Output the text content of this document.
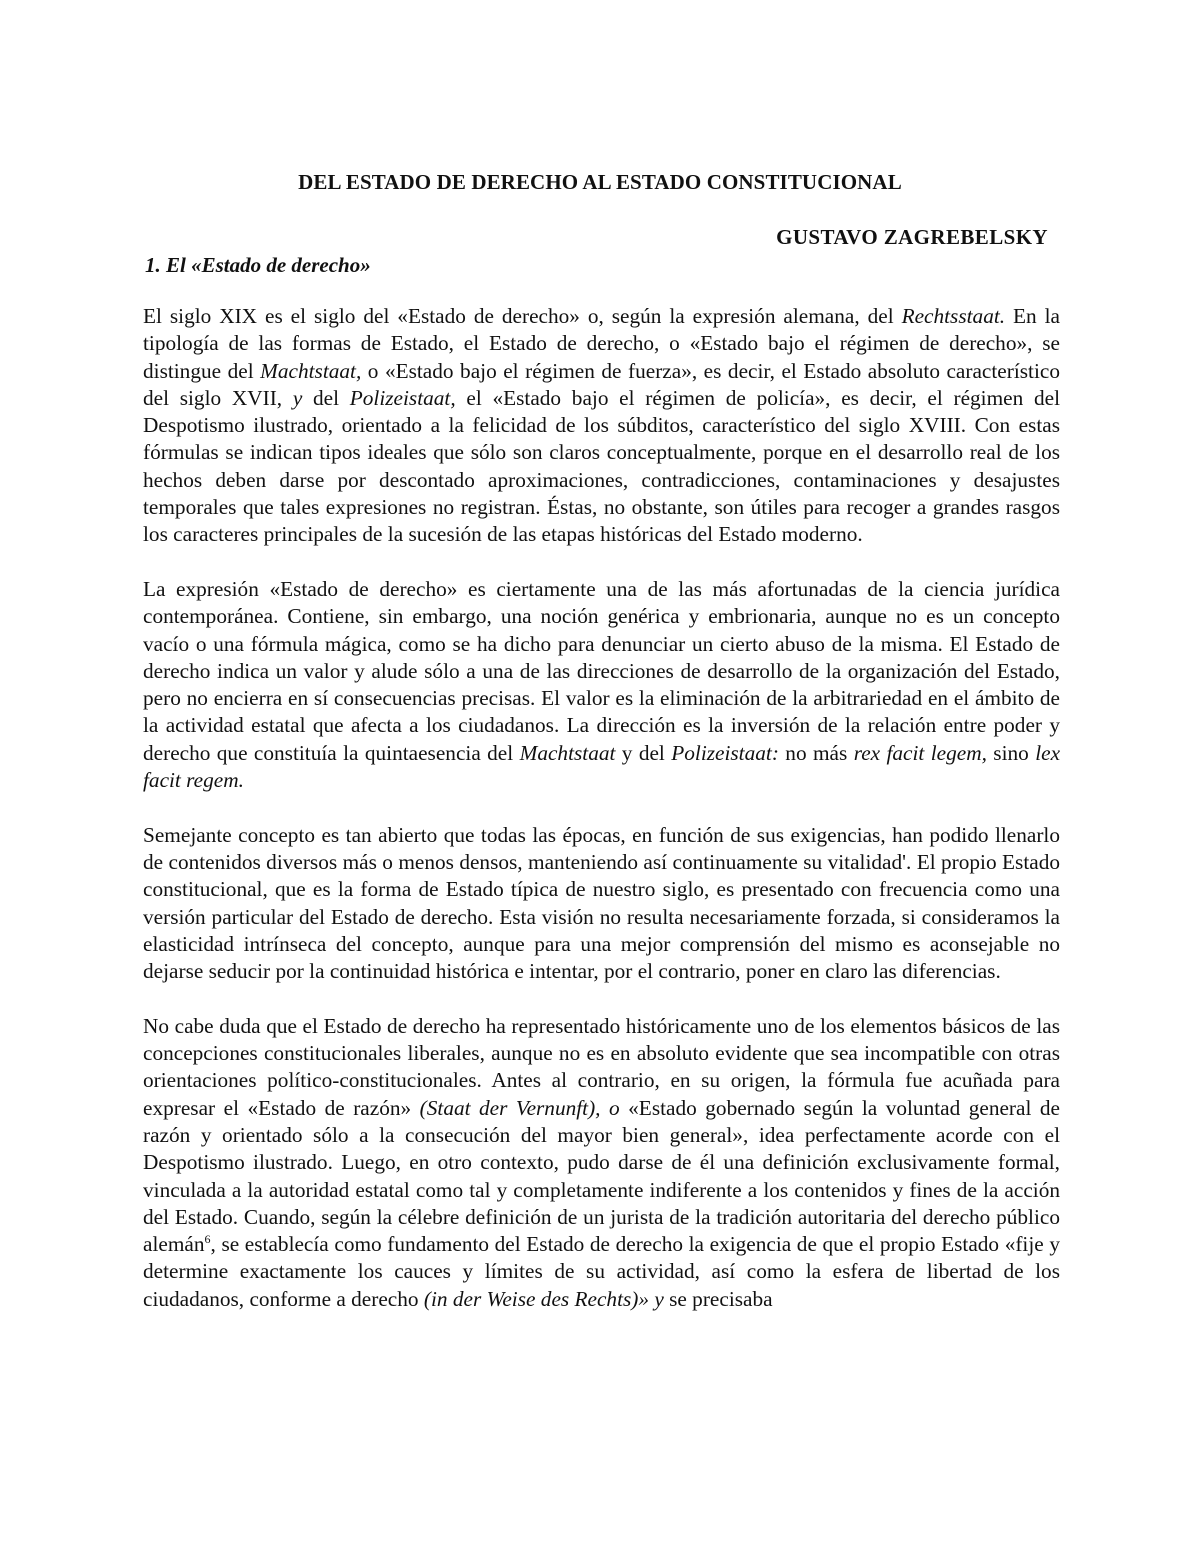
DEL ESTADO DE DERECHO AL ESTADO CONSTITUCIONAL
GUSTAVO ZAGREBELSKY
1. El «Estado de derecho»

El siglo XIX es el siglo del «Estado de derecho» o, según la expresión alemana, del Rechtsstaat. En la tipología de las formas de Estado, el Estado de derecho, o «Estado bajo el régimen de derecho», se distingue del Machtstaat, o «Estado bajo el régimen de fuerza», es decir, el Estado absoluto característico del siglo XVII, y del Polizeistaat, el «Estado bajo el régimen de policía», es decir, el régimen del Despotismo ilustrado, orientado a la felicidad de los súbditos, característico del siglo XVIII. Con estas fórmulas se indican tipos ideales que sólo son claros conceptualmente, porque en el desarrollo real de los hechos deben darse por descontado aproximaciones, contradicciones, contaminaciones y desajustes temporales que tales expresiones no registran. Éstas, no obstante, son útiles para recoger a grandes rasgos los caracteres principales de la sucesión de las etapas históricas del Estado moderno.

La expresión «Estado de derecho» es ciertamente una de las más afortunadas de la ciencia jurídica contemporánea. Contiene, sin embargo, una noción genérica y embrionaria, aunque no es un concepto vacío o una fórmula mágica, como se ha dicho para denunciar un cierto abuso de la misma. El Estado de derecho indica un valor y alude sólo a una de las direcciones de desarrollo de la organización del Estado, pero no encierra en sí consecuencias precisas. El valor es la eliminación de la arbitrariedad en el ámbito de la actividad estatal que afecta a los ciudadanos. La dirección es la inversión de la relación entre poder y derecho que constituía la quintaesencia del Machtstaat y del Polizeistaat: no más rex facit legem, sino lex facit regem.

Semejante concepto es tan abierto que todas las épocas, en función de sus exigencias, han podido llenarlo de contenidos diversos más o menos densos, manteniendo así continuamente su vitalidad'. El propio Estado constitucional, que es la forma de Estado típica de nuestro siglo, es presentado con frecuencia como una versión particular del Estado de derecho. Esta visión no resulta necesariamente forzada, si consideramos la elasticidad intrínseca del concepto, aunque para una mejor comprensión del mismo es aconsejable no dejarse seducir por la continuidad histórica e intentar, por el contrario, poner en claro las diferencias.

No cabe duda que el Estado de derecho ha representado históricamente uno de los elementos básicos de las concepciones constitucionales liberales, aunque no es en absoluto evidente que sea incompatible con otras orientaciones político-constitucionales. Antes al contrario, en su origen, la fórmula fue acuñada para expresar el «Estado de razón» (Staat der Vernunft), o «Estado gobernado según la voluntad general de razón y orientado sólo a la consecución del mayor bien general», idea perfectamente acorde con el Despotismo ilustrado. Luego, en otro contexto, pudo darse de él una definición exclusivamente formal, vinculada a la autoridad estatal como tal y completamente indiferente a los contenidos y fines de la acción del Estado. Cuando, según la célebre definición de un jurista de la tradición autoritaria del derecho público alemán$^6$, se establecía como fundamento del Estado de derecho la exigencia de que el propio Estado «fije y determine exactamente los cauces y límites de su actividad, así como la esfera de libertad de los ciudadanos, conforme a derecho (in der Weise des Rechts)» y se precisaba
